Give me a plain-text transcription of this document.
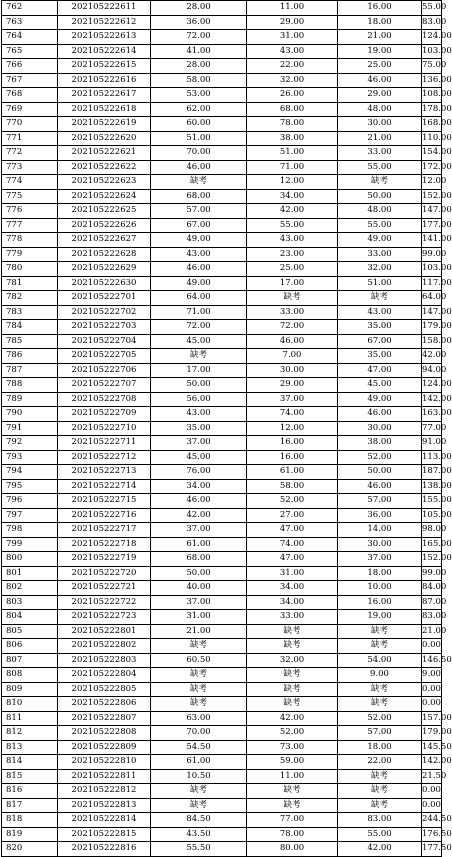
762	202105222611	28.00	11.00	16.00	55.00
763	202105222612	36.00	29.00	18.00	83.00
764	202105222613	72.00	31.00	21.00	124.00
765	202105222614	41.00	43.00	19.00	103.00
766	202105222615	28.00	22.00	25.00	75.00
767	202105222616	58.00	32.00	46.00	136.00
768	202105222617	53.00	26.00	29.00	108.00
769	202105222618	62.00	68.00	48.00	178.00
770	202105222619	60.00	78.00	30.00	168.00
771	202105222620	51.00	38.00	21.00	110.00
772	202105222621	70.00	51.00	33.00	154.00
773	202105222622	46.00	71.00	55.00	172.00
774	202105222623	缺考	12.00	缺考	12.00
775	202105222624	68.00	34.00	50.00	152.00
776	202105222625	57.00	42.00	48.00	147.00
777	202105222626	67.00	55.00	55.00	177.00
778	202105222627	49.00	43.00	49.00	141.00
779	202105222628	43.00	23.00	33.00	99.00
780	202105222629	46.00	25.00	32.00	103.00
781	202105222630	49.00	17.00	51.00	117.00
782	202105222701	64.00	缺考	缺考	64.00
783	202105222702	71.00	33.00	43.00	147.00
784	202105222703	72.00	72.00	35.00	179.00
785	202105222704	45.00	46.00	67.00	158.00
786	202105222705	缺考	7.00	35.00	42.00
787	202105222706	17.00	30.00	47.00	94.00
788	202105222707	50.00	29.00	45.00	124.00
789	202105222708	56.00	37.00	49.00	142.00
790	202105222709	43.00	74.00	46.00	163.00
791	202105222710	35.00	12.00	30.00	77.00
792	202105222711	37.00	16.00	38.00	91.00
793	202105222712	45.00	16.00	52.00	113.00
794	202105222713	76.00	61.00	50.00	187.00
795	202105222714	34.00	58.00	46.00	138.00
796	202105222715	46.00	52.00	57.00	155.00
797	202105222716	42.00	27.00	36.00	105.00
798	202105222717	37.00	47.00	14.00	98.00
799	202105222718	61.00	74.00	30.00	165.00
800	202105222719	68.00	47.00	37.00	152.00
801	202105222720	50.00	31.00	18.00	99.00
802	202105222721	40.00	34.00	10.00	84.00
803	202105222722	37.00	34.00	16.00	87.00
804	202105222723	31.00	33.00	19.00	83.00
805	202105222801	21.00	缺考	缺考	21.00
806	202105222802	缺考	缺考	缺考	0.00
807	202105222803	60.50	32.00	54.00	146.50
808	202105222804	缺考	缺考	9.00	9.00
809	202105222805	缺考	缺考	缺考	0.00
810	202105222806	缺考	缺考	缺考	0.00
811	202105222807	63.00	42.00	52.00	157.00
812	202105222808	70.00	52.00	57.00	179.00
813	202105222809	54.50	73.00	18.00	145.50
814	202105222810	61.00	59.00	22.00	142.00
815	202105222811	10.50	11.00	缺考	21.50
816	202105222812	缺考	缺考	缺考	0.00
817	202105222813	缺考	缺考	缺考	0.00
818	202105222814	84.50	77.00	83.00	244.50
819	202105222815	43.50	78.00	55.00	176.50
820	202105222816	55.50	80.00	42.00	177.50
